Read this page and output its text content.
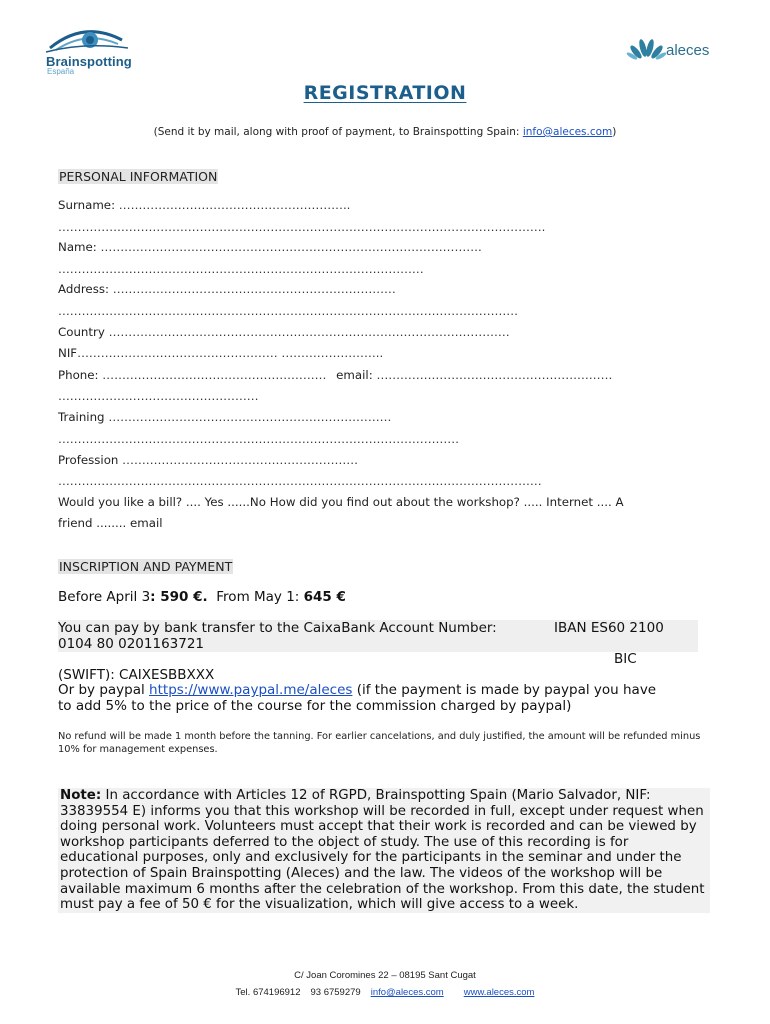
Brainspotting
España
aleces
REGISTRATION
(Send it by mail, along with proof of payment, to Brainspotting Spain: info@aleces.com)
PERSONAL INFORMATION
Surname: …………………………………………………..
…………………………………………………………………………………………………………….
Name: …………………………………………………………………………………….
…………………………………………………………………………………
Address: ………………………………………………………………
………………………………………………………………………………………………………
Country …………………………………………………………………………………………
NIF…………………………………………… ……………………..
Phone: ………………………………………………… email: ……………………………………………………
……………………………………………
Training ………………………………………………………………
…………………………………………………………………………………………
Profession ……………………………………………………
……………………………………………………………………………………………………………
Would you like a bill? .... Yes ......No How did you find out about the workshop? ..... Internet .... A
friend ........ email
INSCRIPTION AND PAYMENT
Before April 3: 590 €.  From May 1: 645 €
You can pay by bank transfer to the CaixaBank Account Number:	IBAN ES60 2100
0104 80 0201163721
BIC
(SWIFT): CAIXESBBXXX
Or by paypal https://www.paypal.me/aleces (if the payment is made by paypal you have
to add 5% to the price of the course for the commission charged by paypal)
No refund will be made 1 month before the tanning. For earlier cancelations, and duly justified, the amount will be refunded minus 10% for management expenses.
Note: In accordance with Articles 12 of RGPD, Brainspotting Spain (Mario Salvador, NIF: 33839554 E) informs you that this workshop will be recorded in full, except under request when doing personal work. Volunteers must accept that their work is recorded and can be viewed by workshop participants deferred to the object of study. The use of this recording is for educational purposes, only and exclusively for the participants in the seminar and under the protection of Spain Brainspotting (Aleces) and the law. The videos of the workshop will be available maximum 6 months after the celebration of the workshop. From this date, the student must pay a fee of 50 € for the visualization, which will give access to a week.
C/ Joan Coromines 22 – 08195 Sant Cugat
Tel. 674196912 93 6759279 info@aleces.com www.aleces.com
